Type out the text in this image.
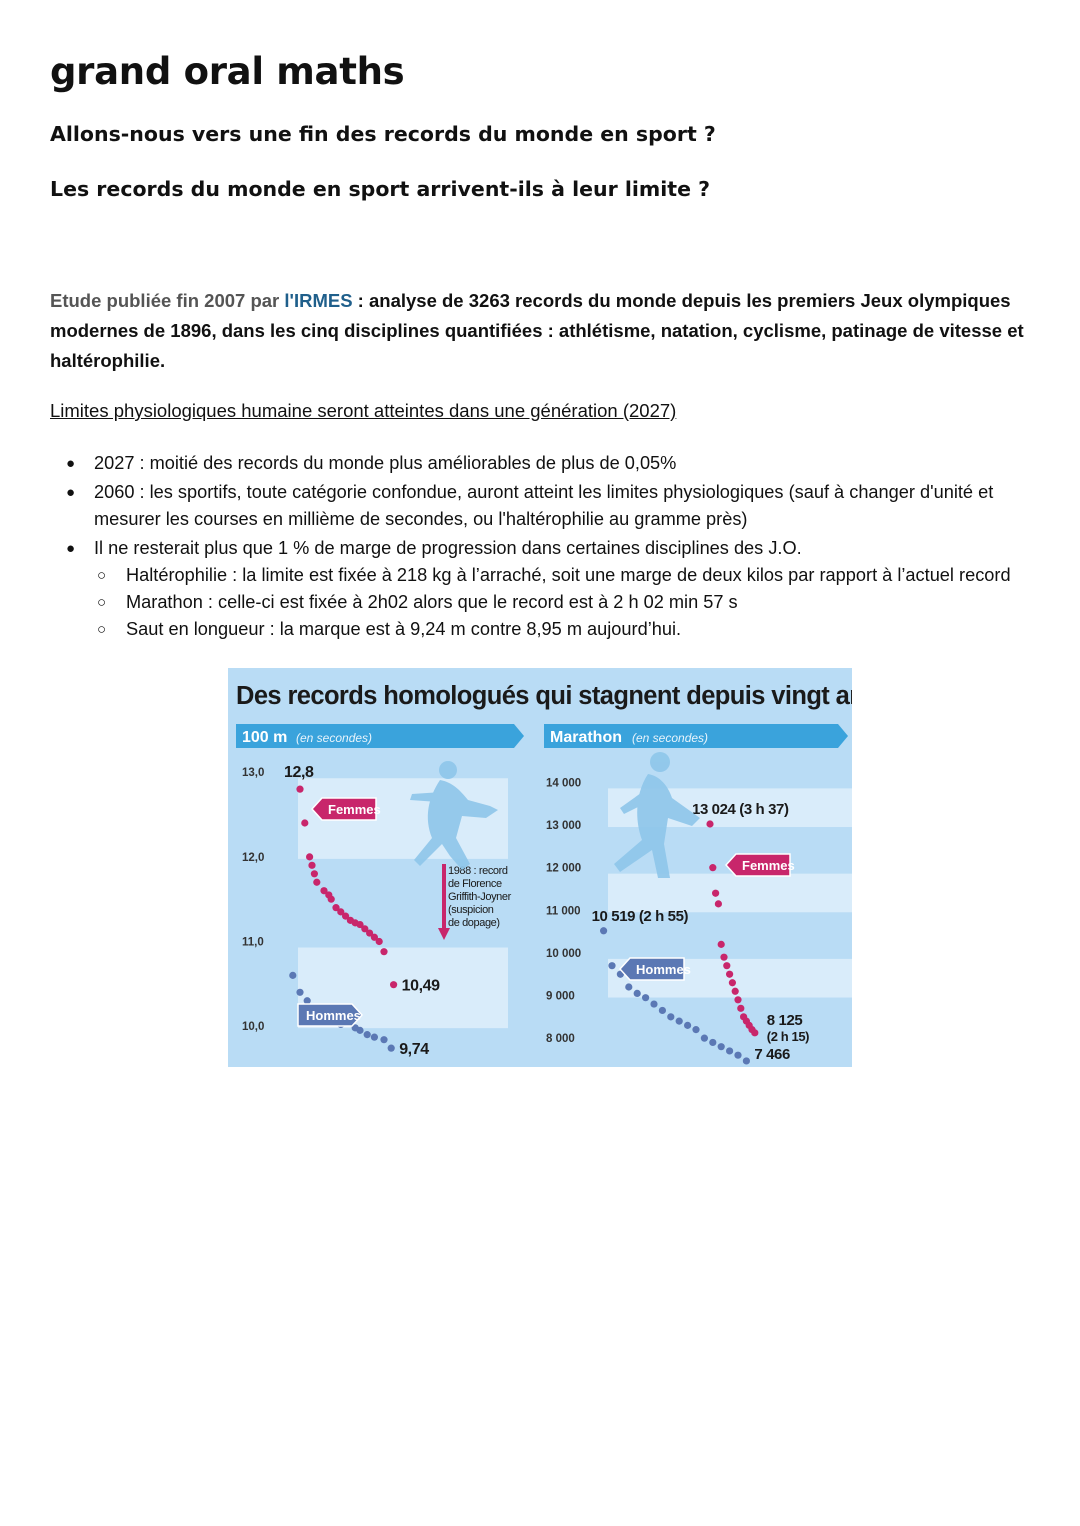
grand oral maths

Allons-nous vers une fin des records du monde en sport ?

Les records du monde en sport arrivent-ils à leur limite ?

Etude publiée fin 2007 par l'IRMES : analyse de 3263 records du monde depuis les premiers Jeux olympiques modernes de 1896, dans les cinq disciplines quantifiées : athlétisme, natation, cyclisme, patinage de vitesse et haltérophilie.

Limites physiologiques humaine seront atteintes dans une génération (2027)

● 2027 : moitié des records du monde plus améliorables de plus de 0,05%
● 2060 : les sportifs, toute catégorie confondue, auront atteint les limites physiologiques (sauf à changer d'unité et mesurer les courses en millième de secondes, ou l'haltérophilie au gramme près)
● Il ne resterait plus que 1 % de marge de progression dans certaines disciplines des J.O.
○ Haltérophilie : la limite est fixée à 218 kg à l’arraché, soit une marge de deux kilos par rapport à l’actuel record
○ Marathon : celle-ci est fixée à 2h02 alors que le record est à 2 h 02 min 57 s
○ Saut en longueur : la marque est à 9,24 m contre 8,95 m aujourd’hui.
Des records homologués qui stagnent depuis vingt ans
100 m (en secondes)	Marathon (en secondes)
13,0
12,0
11,0
10,0
12,8
10,49
9,74
Femmes
Hommes
1988 : record
de Florence
Griffith-Joyner
(suspicion
de dopage)
14 000
13 000
12 000
11 000
10 000
9 000
8 000
13 024 (3 h 37)
8 125
(2 h 15)
10 519 (2 h 55)
7 466
Femmes
Hommes
